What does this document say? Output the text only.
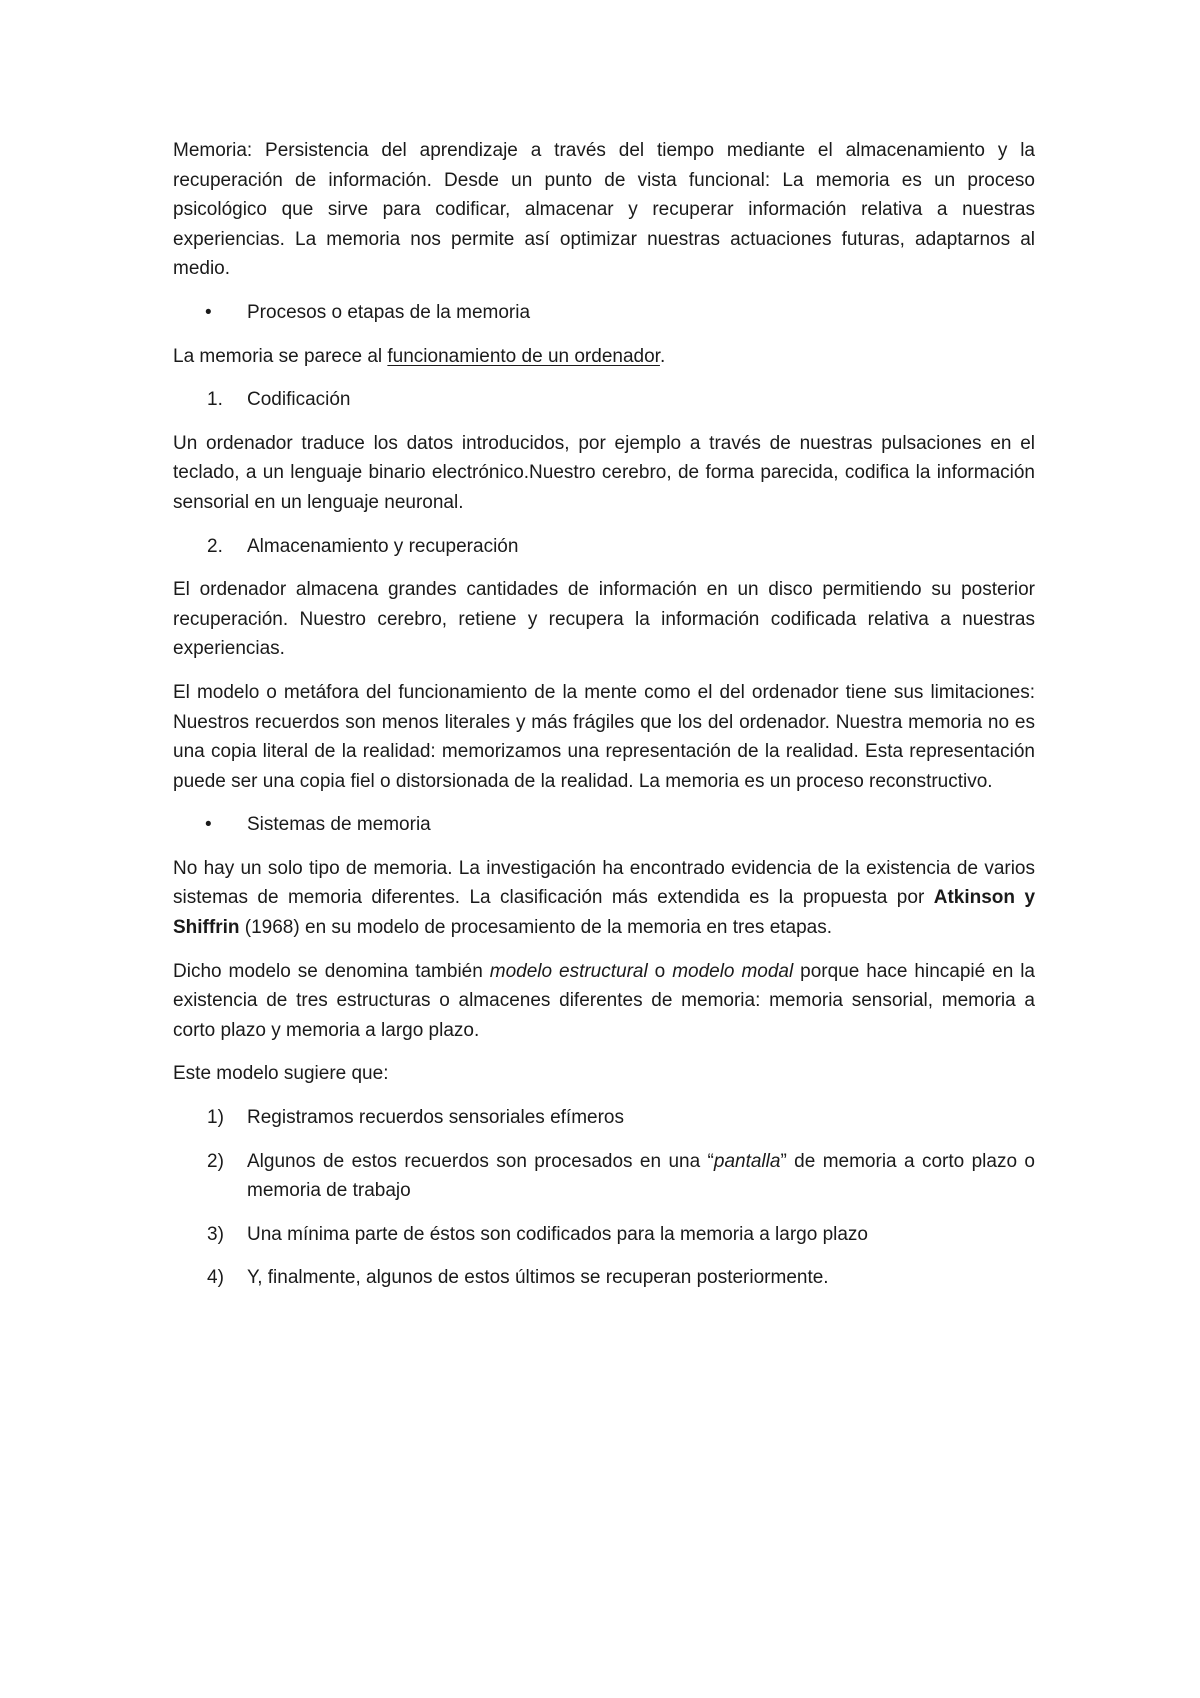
Memoria: Persistencia del aprendizaje a través del tiempo mediante el almacenamiento y la recuperación de información. Desde un punto de vista funcional: La memoria es un proceso psicológico que sirve para codificar, almacenar y recuperar información relativa a nuestras experiencias. La memoria nos permite así optimizar nuestras actuaciones futuras, adaptarnos al medio.

• Procesos o etapas de la memoria

La memoria se parece al funcionamiento de un ordenador.

1. Codificación

Un ordenador traduce los datos introducidos, por ejemplo a través de nuestras pulsaciones en el teclado, a un lenguaje binario electrónico.Nuestro cerebro, de forma parecida, codifica la información sensorial en un lenguaje neuronal.

2. Almacenamiento y recuperación

El ordenador almacena grandes cantidades de información en un disco permitiendo su posterior recuperación. Nuestro cerebro, retiene y recupera la información codificada relativa a nuestras experiencias.

El modelo o metáfora del funcionamiento de la mente como el del ordenador tiene sus limitaciones: Nuestros recuerdos son menos literales y más frágiles que los del ordenador. Nuestra memoria no es una copia literal de la realidad: memorizamos una representación de la realidad. Esta representación puede ser una copia fiel o distorsionada de la realidad. La memoria es un proceso reconstructivo.

• Sistemas de memoria

No hay un solo tipo de memoria. La investigación ha encontrado evidencia de la existencia de varios sistemas de memoria diferentes. La clasificación más extendida es la propuesta por Atkinson y Shiffrin (1968) en su modelo de procesamiento de la memoria en tres etapas.

Dicho modelo se denomina también modelo estructural o modelo modal porque hace hincapié en la existencia de tres estructuras o almacenes diferentes de memoria: memoria sensorial, memoria a corto plazo y memoria a largo plazo.

Este modelo sugiere que:

1) Registramos recuerdos sensoriales efímeros
2) Algunos de estos recuerdos son procesados en una “pantalla” de memoria a corto plazo o memoria de trabajo
3) Una mínima parte de éstos son codificados para la memoria a largo plazo
4) Y, finalmente, algunos de estos últimos se recuperan posteriormente.
